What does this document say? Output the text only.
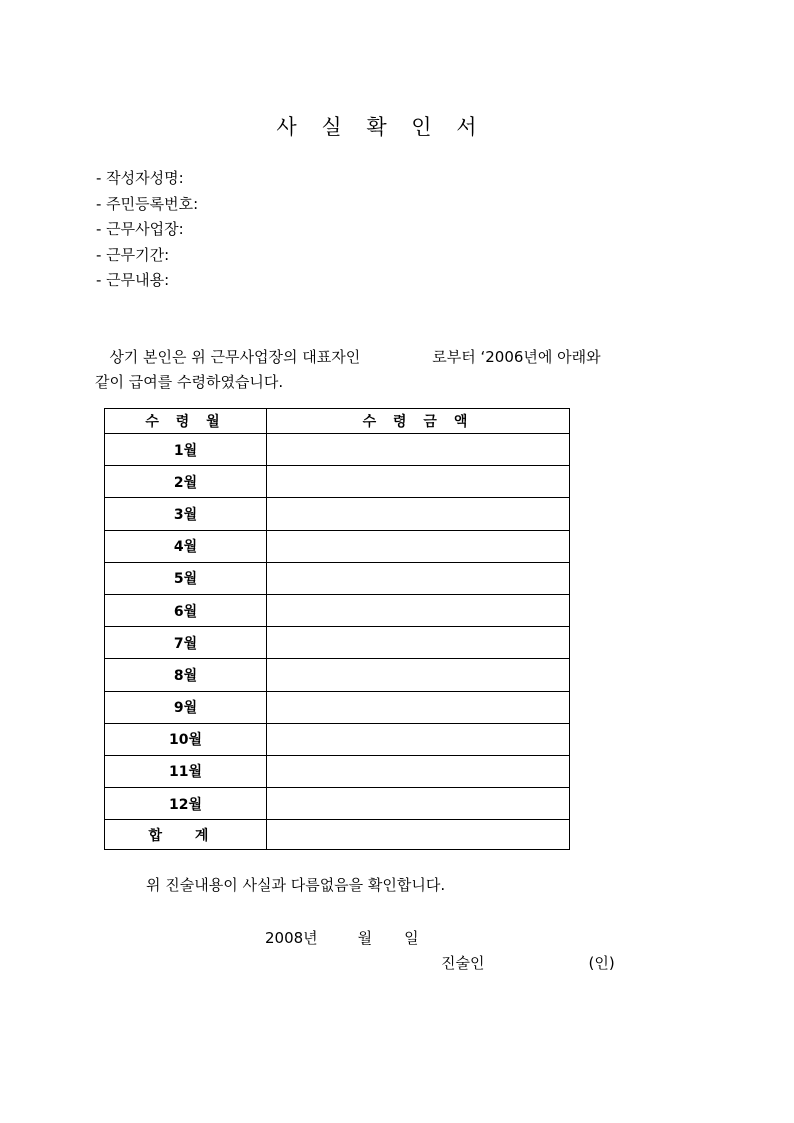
사 실 확 인 서
- 작성자성명:
- 주민등록번호:
- 근무사업장:
- 근무기간:
- 근무내용:
상기 본인은 위 근무사업장의 대표자인	로부터 ‘2006년에 아래와
같이 급여를 수령하였습니다.
수 령 월	수 령 금 액
1월	
2월	
3월	
4월	
5월	
6월	
7월	
8월	
9월	
10월	
11월	
12월	
합 계	
위 진술내용이 사실과 다름없음을 확인합니다.
2008년	월 일
진술인	(인)
